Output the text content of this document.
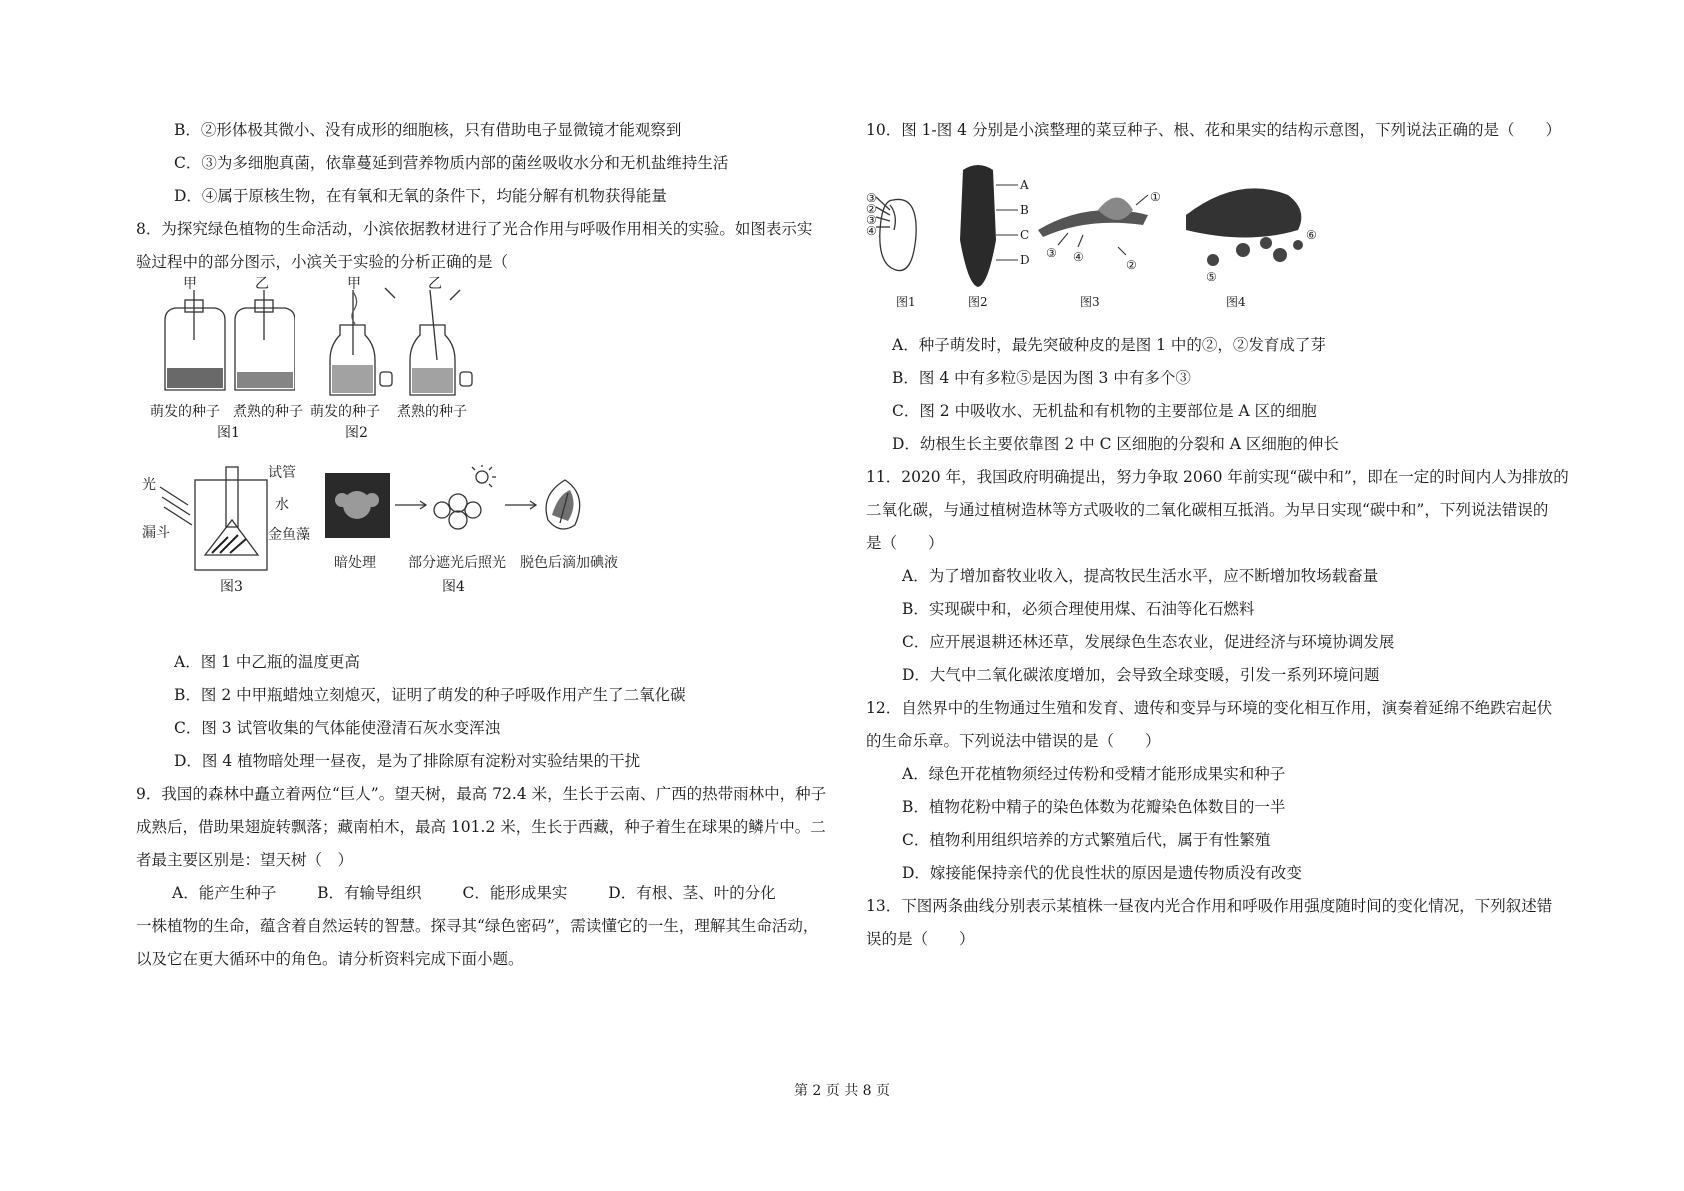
B．②形体极其微小、没有成形的细胞核，只有借助电子显微镜才能观察到
C．③为多细胞真菌，依靠蔓延到营养物质内部的菌丝吸收水分和无机盐维持生活
D．④属于原核生物，在有氧和无氧的条件下，均能分解有机物获得能量
8．为探究绿色植物的生命活动，小滨依据教材进行了光合作用与呼吸作用相关的实验。如图表示实
验过程中的部分图示，小滨关于实验的分析正确的是（
甲	乙
萌发的种子 煮熟的种子
图1
甲	乙
萌发的种子 煮熟的种子
图2
光
漏斗
试管
水
金鱼藻
图3
暗处理 部分遮光后照光 脱色后滴加碘液
图4
A．图 1 中乙瓶的温度更高
B．图 2 中甲瓶蜡烛立刻熄灭，证明了萌发的种子呼吸作用产生了二氧化碳
C．图 3 试管收集的气体能使澄清石灰水变浑浊
D．图 4 植物暗处理一昼夜，是为了排除原有淀粉对实验结果的干扰
9．我国的森林中矗立着两位“巨人”。望天树，最高 72.4 米，生长于云南、广西的热带雨林中，种子
成熟后，借助果翅旋转飘落；藏南柏木，最高 101.2 米，生长于西藏，种子着生在球果的鳞片中。二
者最主要区别是：望天树（　）
A．能产生种子	B．有输导组织	C．能形成果实	D．有根、茎、叶的分化
一株植物的生命，蕴含着自然运转的智慧。探寻其“绿色密码”，需读懂它的一生，理解其生命活动，
以及它在更大循环中的角色。请分析资料完成下面小题。
10．图 1-图 4 分别是小滨整理的菜豆种子、根、花和果实的结构示意图，下列说法正确的是（　　）
③
②
③
④
A
B
C
D
①
②
③ ④
⑤
⑥
图1	图2	图3	图4
A．种子萌发时，最先突破种皮的是图 1 中的②，②发育成了芽
B．图 4 中有多粒⑤是因为图 3 中有多个③
C．图 2 中吸收水、无机盐和有机物的主要部位是 A 区的细胞
D．幼根生长主要依靠图 2 中 C 区细胞的分裂和 A 区细胞的伸长
11．2020 年，我国政府明确提出，努力争取 2060 年前实现“碳中和”，即在一定的时间内人为排放的
二氧化碳，与通过植树造林等方式吸收的二氧化碳相互抵消。为早日实现“碳中和”，下列说法错误的
是（　　）
A．为了增加畜牧业收入，提高牧民生活水平，应不断增加牧场载畜量
B．实现碳中和，必须合理使用煤、石油等化石燃料
C．应开展退耕还林还草，发展绿色生态农业，促进经济与环境协调发展
D．大气中二氧化碳浓度增加，会导致全球变暖，引发一系列环境问题
12．自然界中的生物通过生殖和发育、遗传和变异与环境的变化相互作用，演奏着延绵不绝跌宕起伏
的生命乐章。下列说法中错误的是（　　）
A．绿色开花植物须经过传粉和受精才能形成果实和种子
B．植物花粉中精子的染色体数为花瓣染色体数目的一半
C．植物利用组织培养的方式繁殖后代，属于有性繁殖
D．嫁接能保持亲代的优良性状的原因是遗传物质没有改变
13．下图两条曲线分别表示某植株一昼夜内光合作用和呼吸作用强度随时间的变化情况，下列叙述错
误的是（　　）
第 2 页 共 8 页
